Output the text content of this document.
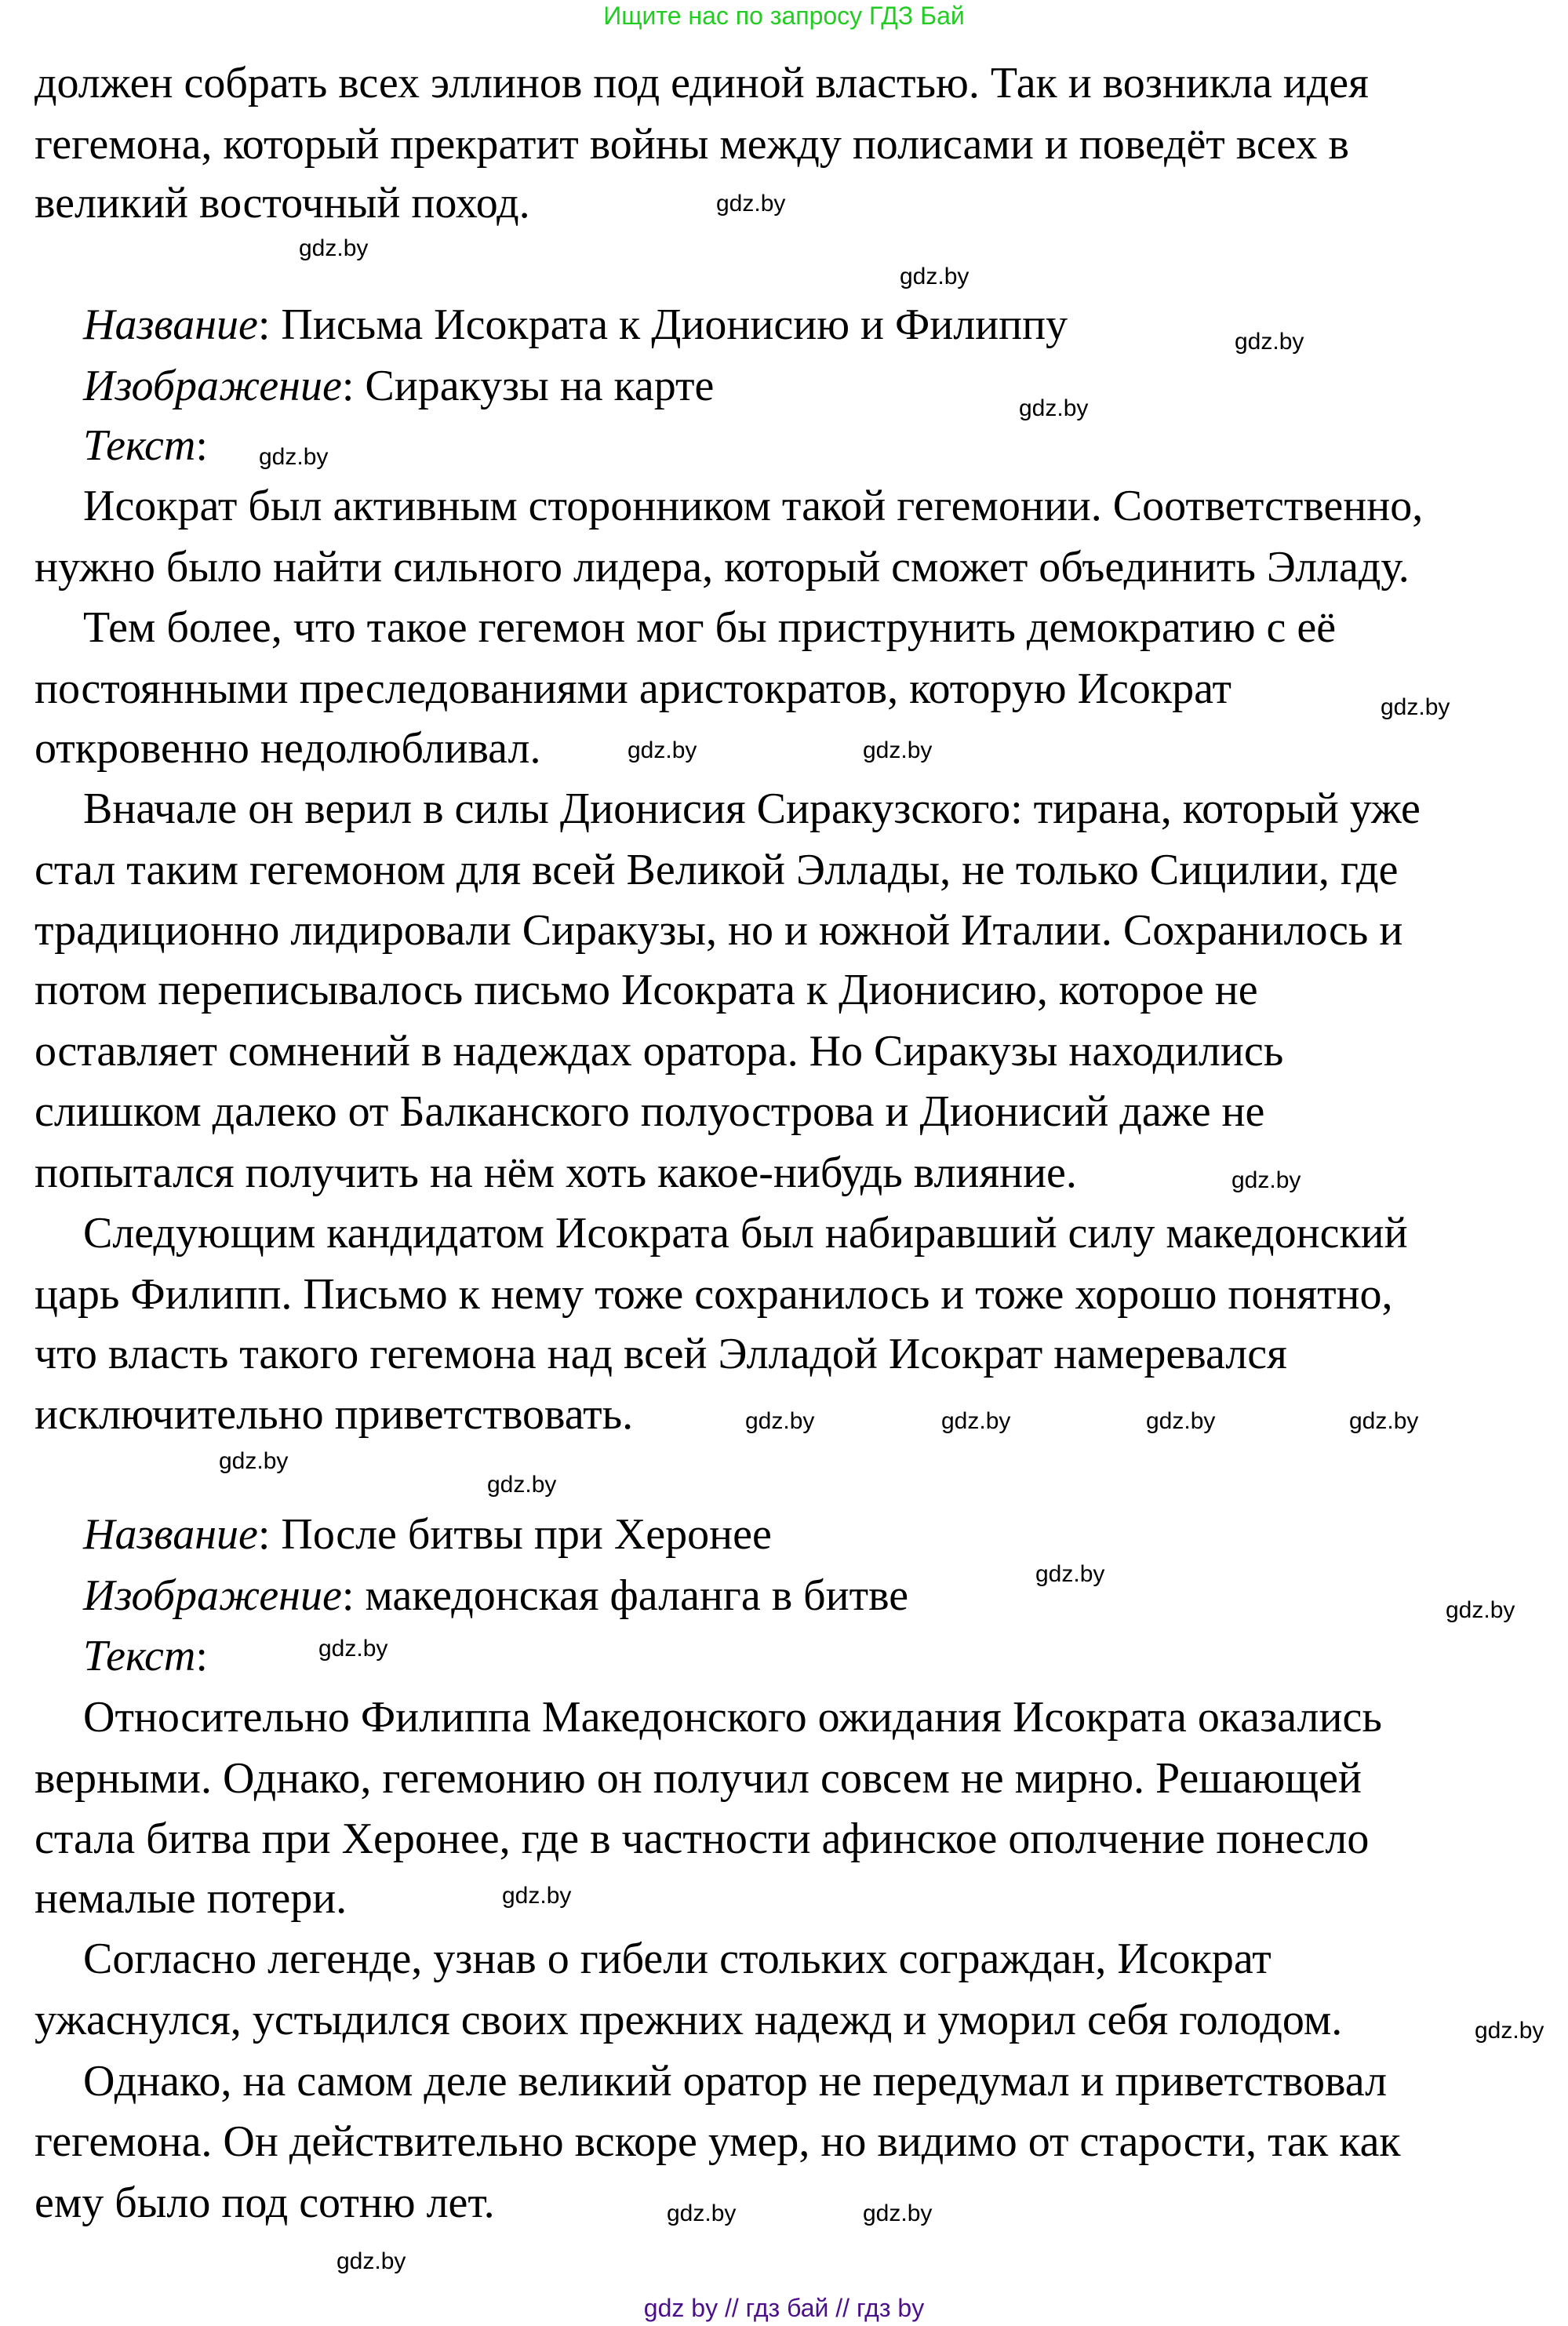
Ищите нас по запросу ГДЗ Бай
должен собрать всех эллинов под единой властью. Так и возникла идея
гегемона, который прекратит войны между полисами и поведёт всех в
великий восточный поход.
Название: Письма Исократа к Дионисию и Филиппу
Изображение: Сиракузы на карте
Текст:
Исократ был активным сторонником такой гегемонии. Соответственно,
нужно было найти сильного лидера, который сможет объединить Элладу.
Тем более, что такое гегемон мог бы приструнить демократию с её
постоянными преследованиями аристократов, которую Исократ
откровенно недолюбливал.
Вначале он верил в силы Дионисия Сиракузского: тирана, который уже
стал таким гегемоном для всей Великой Эллады, не только Сицилии, где
традиционно лидировали Сиракузы, но и южной Италии. Сохранилось и
потом переписывалось письмо Исократа к Дионисию, которое не
оставляет сомнений в надеждах оратора. Но Сиракузы находились
слишком далеко от Балканского полуострова и Дионисий даже не
попытался получить на нём хоть какое-нибудь влияние.
Следующим кандидатом Исократа был набиравший силу македонский
царь Филипп. Письмо к нему тоже сохранилось и тоже хорошо понятно,
что власть такого гегемона над всей Элладой Исократ намеревался
исключительно приветствовать.
Название: После битвы при Херонее
Изображение: македонская фаланга в битве
Текст:
Относительно Филиппа Македонского ожидания Исократа оказались
верными. Однако, гегемонию он получил совсем не мирно. Решающей
стала битва при Херонее, где в частности афинское ополчение понесло
немалые потери.
Согласно легенде, узнав о гибели стольких сограждан, Исократ
ужаснулся, устыдился своих прежних надежд и уморил себя голодом.
Однако, на самом деле великий оратор не передумал и приветствовал
гегемона. Он действительно вскоре умер, но видимо от старости, так как
ему было под сотню лет.
gdz.by
gdz.by
gdz.by
gdz.by
gdz.by
gdz.by
gdz.by
gdz.by
gdz.by
gdz.by	gdz.by
gdz.by
gdz.by
gdz.by
gdz.by
gdz.by
gdz.by
gdz.by
gdz.by
gdz.by
gdz.by
gdz.by
gdz.by
gdz.by
gdz by // гдз бай // гдз by
